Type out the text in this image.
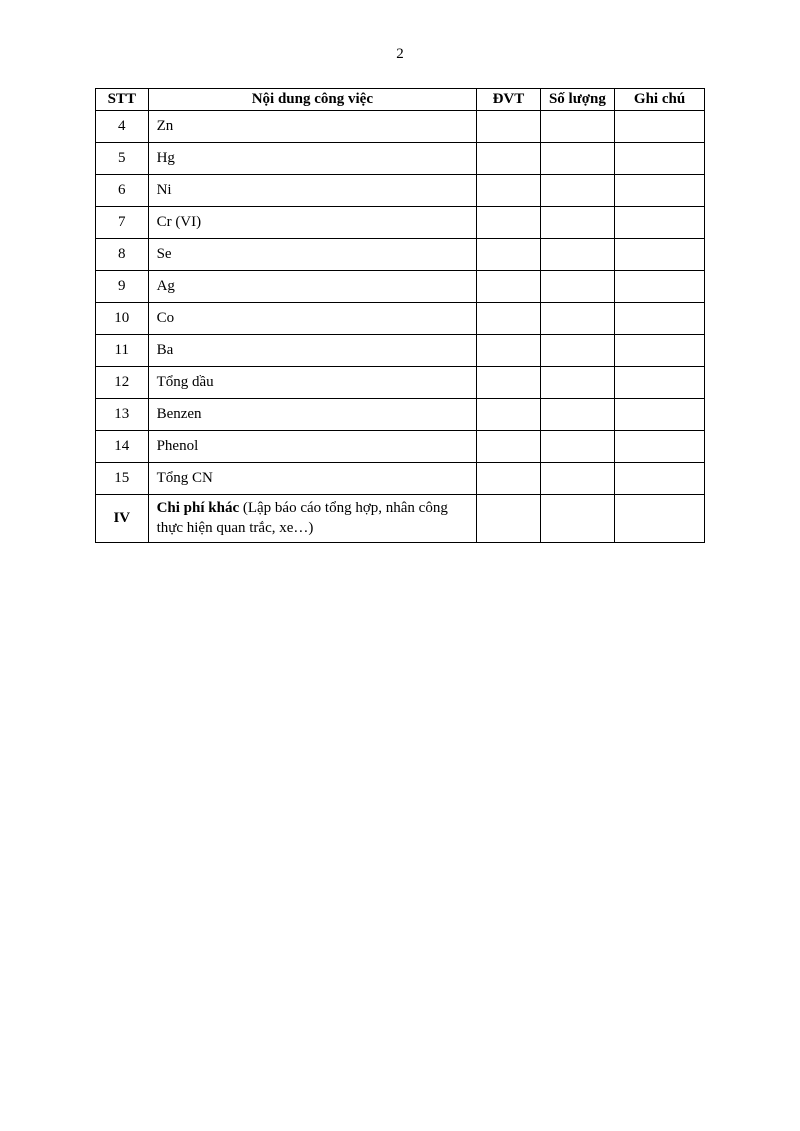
2
STT	Nội dung công việc	ĐVT	Số lượng	Ghi chú
4	Zn			
5	Hg			
6	Ni			
7	Cr (VI)			
8	Se			
9	Ag			
10	Co			
11	Ba			
12	Tổng dầu			
13	Benzen			
14	Phenol			
15	Tổng CN			
IV	Chi phí khác (Lập báo cáo tổng hợp, nhân công thực hiện quan trắc, xe…)			
